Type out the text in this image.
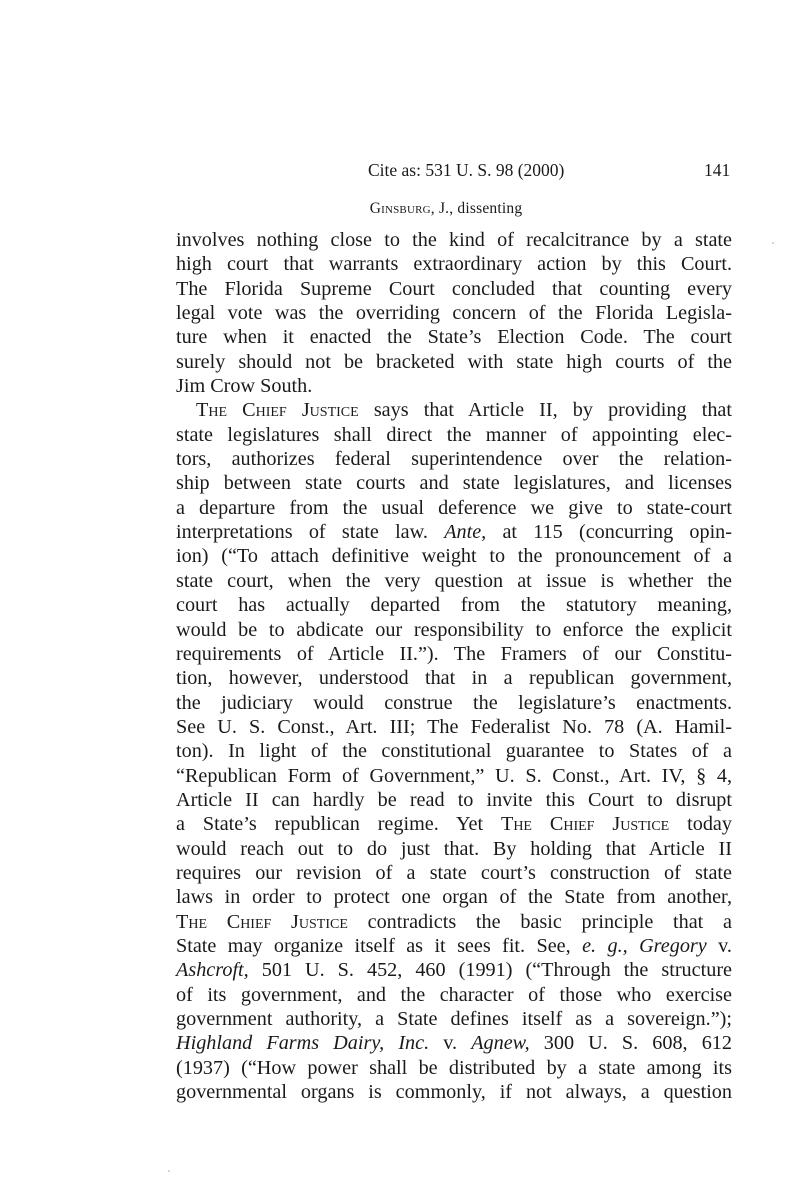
Cite as: 531 U. S. 98 (2000)	141
Ginsburg, J., dissenting
involves nothing close to the kind of recalcitrance by a state
high court that warrants extraordinary action by this Court.
The Florida Supreme Court concluded that counting every
legal vote was the overriding concern of the Florida Legisla-
ture when it enacted the State’s Election Code. The court
surely should not be bracketed with state high courts of the
Jim Crow South.
The Chief Justice says that Article II, by providing that
state legislatures shall direct the manner of appointing elec-
tors, authorizes federal superintendence over the relation-
ship between state courts and state legislatures, and licenses
a departure from the usual deference we give to state-court
interpretations of state law. Ante, at 115 (concurring opin-
ion) (“To attach definitive weight to the pronouncement of a
state court, when the very question at issue is whether the
court has actually departed from the statutory meaning,
would be to abdicate our responsibility to enforce the explicit
requirements of Article II.”). The Framers of our Constitu-
tion, however, understood that in a republican government,
the judiciary would construe the legislature’s enactments.
See U. S. Const., Art. III; The Federalist No. 78 (A. Hamil-
ton). In light of the constitutional guarantee to States of a
“Republican Form of Government,” U. S. Const., Art. IV, § 4,
Article II can hardly be read to invite this Court to disrupt
a State’s republican regime. Yet The Chief Justice today
would reach out to do just that. By holding that Article II
requires our revision of a state court’s construction of state
laws in order to protect one organ of the State from another,
The Chief Justice contradicts the basic principle that a
State may organize itself as it sees fit. See, e. g., Gregory v.
Ashcroft, 501 U. S. 452, 460 (1991) (“Through the structure
of its government, and the character of those who exercise
government authority, a State defines itself as a sovereign.”);
Highland Farms Dairy, Inc. v. Agnew, 300 U. S. 608, 612
(1937) (“How power shall be distributed by a state among its
governmental organs is commonly, if not always, a question
